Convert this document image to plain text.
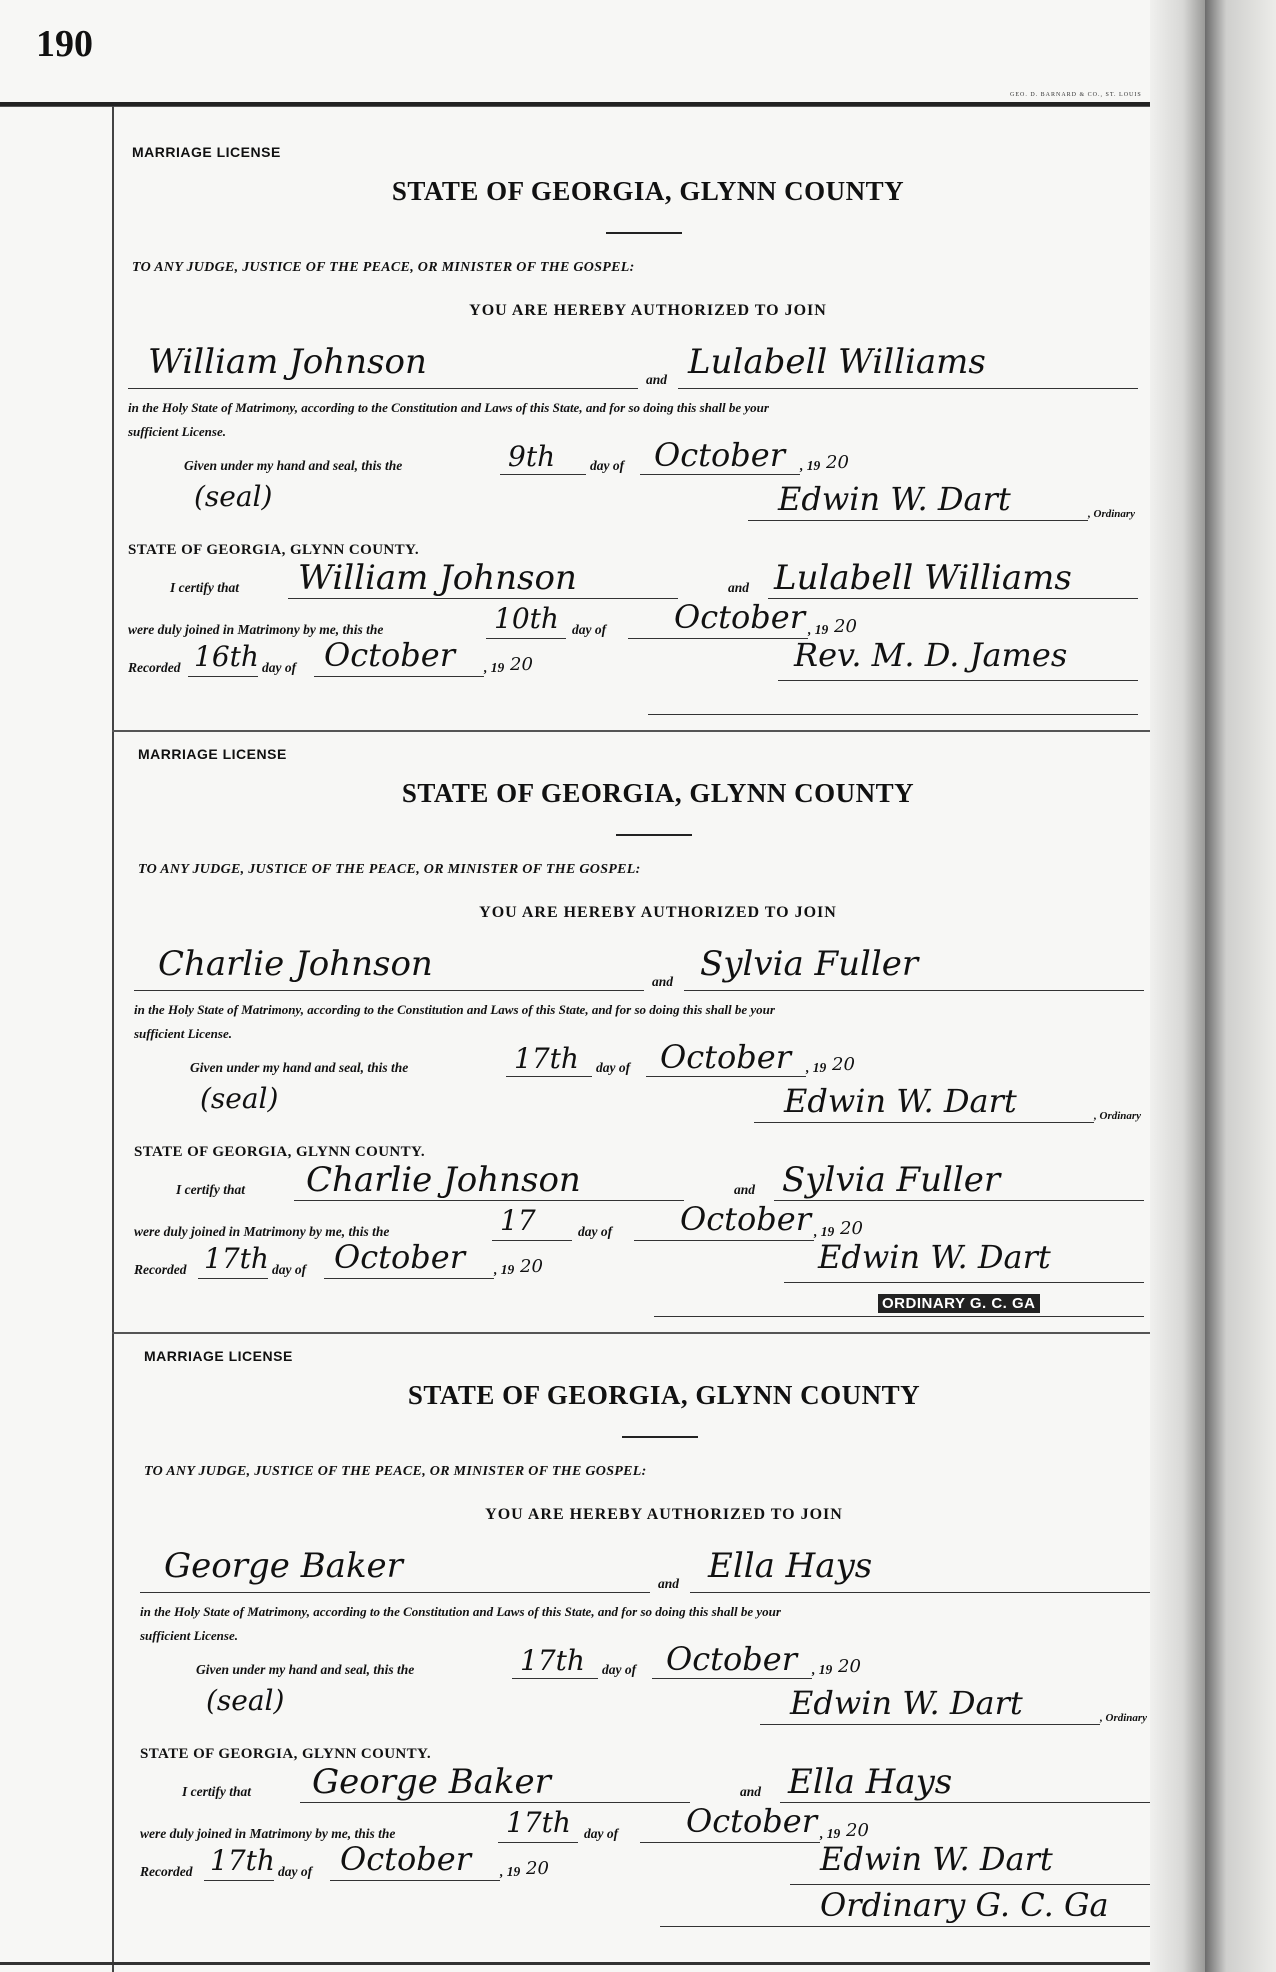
190
GEO. D. BARNARD & CO., ST. LOUIS
MARRIAGE LICENSE
STATE OF GEORGIA, GLYNN COUNTY
TO ANY JUDGE, JUSTICE OF THE PEACE, OR MINISTER OF THE GOSPEL:
YOU ARE HEREBY AUTHORIZED TO JOIN
William Johnson	and Lulabell Williams
in the Holy State of Matrimony, according to the Constitution and Laws of this State, and for so doing this shall be your
sufficient License.
Given under my hand and seal, this the	9th	day of October , 19 20
(seal)	Edwin W. Dart	, Ordinary
STATE OF GEORGIA, GLYNN COUNTY.
I certify that William Johnson	and Lulabell Williams
were duly joined in Matrimony by me, this the	10th day of October , 19 20
Recorded 16th day of October , 19 20	Rev. M. D. James
MARRIAGE LICENSE
STATE OF GEORGIA, GLYNN COUNTY
TO ANY JUDGE, JUSTICE OF THE PEACE, OR MINISTER OF THE GOSPEL:
YOU ARE HEREBY AUTHORIZED TO JOIN
Charlie Johnson	and Sylvia Fuller
in the Holy State of Matrimony, according to the Constitution and Laws of this State, and for so doing this shall be your
sufficient License.
Given under my hand and seal, this the	17th day of October , 19 20
(seal)	Edwin W. Dart	, Ordinary
STATE OF GEORGIA, GLYNN COUNTY.
I certify that Charlie Johnson	and Sylvia Fuller
were duly joined in Matrimony by me, this the	17	day of October , 19 20
Recorded 17th day of October , 19 20	Edwin W. Dart
ORDINARY G. C. GA
MARRIAGE LICENSE
STATE OF GEORGIA, GLYNN COUNTY
TO ANY JUDGE, JUSTICE OF THE PEACE, OR MINISTER OF THE GOSPEL:
YOU ARE HEREBY AUTHORIZED TO JOIN
George Baker	and Ella Hays
in the Holy State of Matrimony, according to the Constitution and Laws of this State, and for so doing this shall be your
sufficient License.
Given under my hand and seal, this the	17th day of October , 19 20
(seal)	Edwin W. Dart	, Ordinary
STATE OF GEORGIA, GLYNN COUNTY.
I certify that George Baker	and Ella Hays
were duly joined in Matrimony by me, this the	17th day of October , 19 20
Recorded 17th day of October , 19 20	Edwin W. Dart
Ordinary G. C. Ga
